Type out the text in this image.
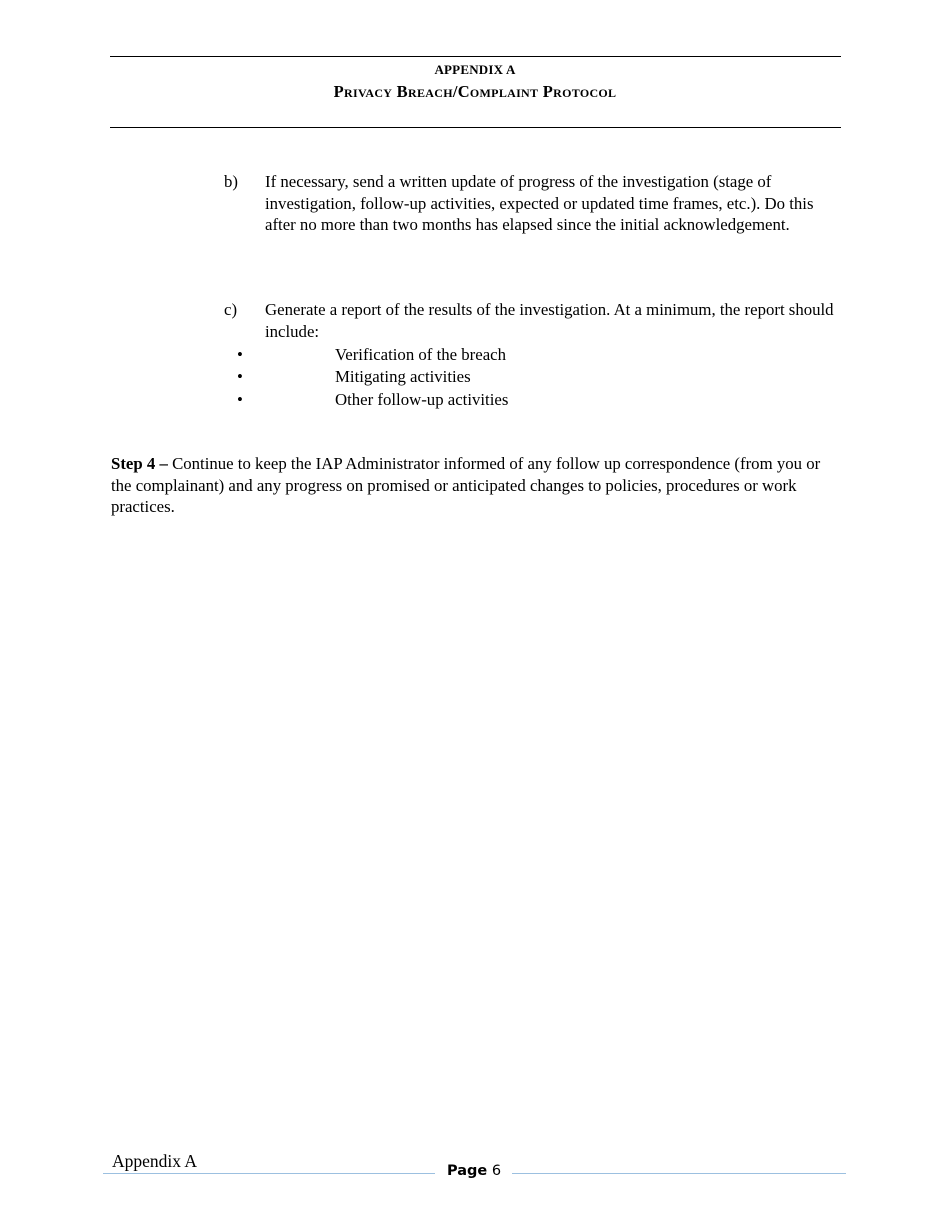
APPENDIX A
Privacy Breach/Complaint Protocol
b) If necessary, send a written update of progress of the investigation (stage of investigation, follow-up activities, expected or updated time frames, etc.). Do this after no more than two months has elapsed since the initial acknowledgement.
c) Generate a report of the results of the investigation. At a minimum, the report should include:
•	Verification of the breach
•	Mitigating activities
•	Other follow-up activities
Step 4 – Continue to keep the IAP Administrator informed of any follow up correspondence (from you or the complainant) and any progress on promised or anticipated changes to policies, procedures or work practices.
Appendix A	Page 6
